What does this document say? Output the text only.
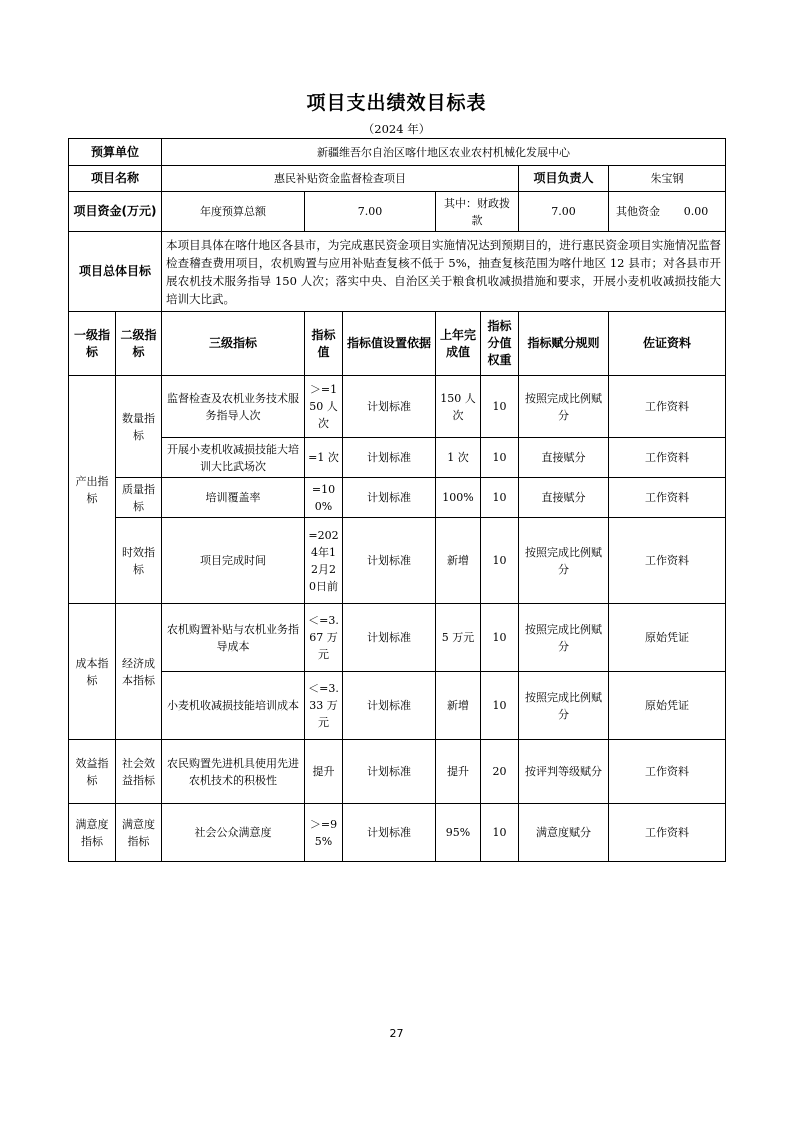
项目支出绩效目标表
（2024 年）
预算单位		新疆维吾尔自治区喀什地区农业农村机械化发展中心						
项目名称		惠民补贴资金监督检查项目					项目负责人	朱宝钢
项目资金(万元)		年度预算总额	7.00		其中：财政拨款		7.00	其他资金 0.00

项目总体目标		本项目具体在喀什地区各县市，为完成惠民资金项目实施情况达到预期目的，进行惠民资金项目实施情况监督检查稽查费用项目，农机购置与应用补贴查复核不低于 5%，抽查复核范围为喀什地区 12 县市；对各县市开展农机技术服务指导 150 人次；落实中央、自治区关于粮食机收减损措施和要求，开展小麦机收减损技能大培训大比武。						
一级指标	二级指标	三级指标	指标值	指标值设置依据	上年完成值	指标分值权重	指标赋分规则	佐证资料
产出指标	数量指标	监督检查及农机业务技术服务指导人次	＞=150 人次	计划标准	150 人次	10	按照完成比例赋分	工作资料
		开展小麦机收减损技能大培训大比武场次	=1 次	计划标准	1 次	10	直接赋分	工作资料
	质量指标	培训覆盖率	=100%	计划标准	100%	10	直接赋分	工作资料
	时效指标	项目完成时间	=2024年12月20日前	计划标准	新增	10	按照完成比例赋分	工作资料
成本指标	经济成本指标	农机购置补贴与农机业务指导成本	＜=3.67 万元	计划标准	5 万元	10	按照完成比例赋分	原始凭证
		小麦机收减损技能培训成本	＜=3.33 万元	计划标准	新增	10	按照完成比例赋分	原始凭证
效益指标	社会效益指标	农民购置先进机具使用先进农机技术的积极性	提升	计划标准	提升	20	按评判等级赋分	工作资料
满意度指标	满意度指标	社会公众满意度	＞=95%	计划标准	95%	10	满意度赋分	工作资料
27
